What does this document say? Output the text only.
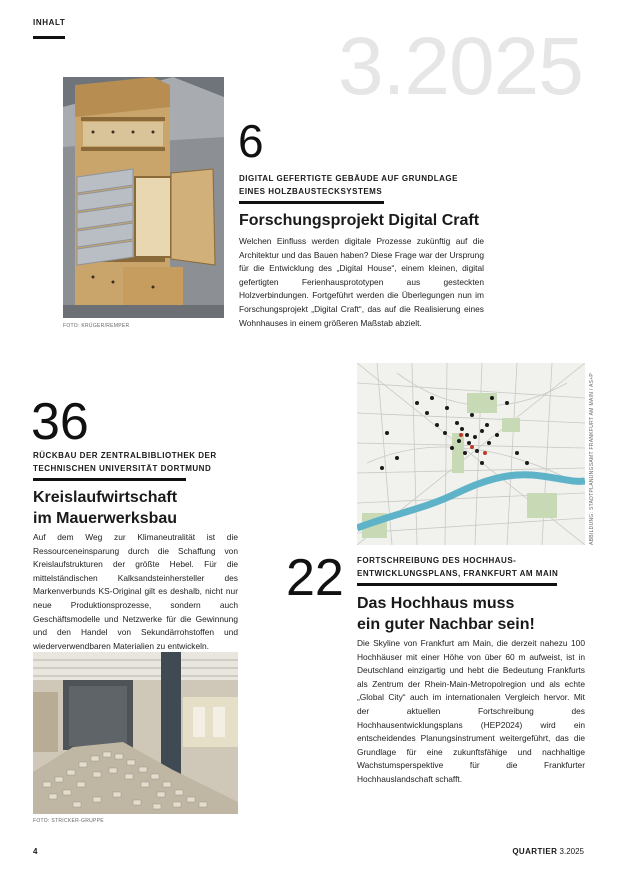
INHALT	3.2025
FOTO: KRÜGER/REMPER
6
DIGITAL GEFERTIGTE GEBÄUDE AUF GRUNDLAGE
EINES HOLZBAUSTECKSYSTEMS
Forschungsprojekt Digital Craft
Welchen Einfluss werden digitale Prozesse zukünftig auf die Architektur und das Bauen haben? Diese Frage war der Ursprung für die Entwicklung des „Digital House“, einem kleinen, digital gefertigten Ferienhausprototypen aus gesteckten Holzverbindungen. Fortgeführt werden die Überlegungen nun im Forschungsprojekt „Digital Craft“, das auf die Realisierung eines Wohnhauses in einem größeren Maßstab abzielt.
36
RÜCKBAU DER ZENTRALBIBLIOTHEK DER
TECHNISCHEN UNIVERSITÄT DORTMUND
Kreislaufwirtschaft
im Mauerwerksbau
Auf dem Weg zur Klimaneutralität ist die Ressourceneinsparung durch die Schaffung von Kreislaufstrukturen der größte Hebel. Für die mittelständischen Kalksandsteinhersteller des Markenverbunds KS-Original gilt es deshalb, nicht nur neue Produktionsprozesse, sondern auch Geschäftsmodelle und Netzwerke für die Gewinnung und den Handel von Sekundärrohstoffen und wiederverwendbaren Materialien zu entwickeln.
FOTO: STRICKER-GRUPPE
ABBILDUNG: STADTPLANUNGSAMT FRANKFURT AM MAIN / AS+P
22 FORTSCHREIBUNG DES HOCHHAUS-
ENTWICKLUNGSPLANS, FRANKFURT AM MAIN
Das Hochhaus muss
ein guter Nachbar sein!
Die Skyline von Frankfurt am Main, die derzeit nahezu 100 Hochhäuser mit einer Höhe von über 60 m aufweist, ist in Deutschland einzigartig und hebt die Bedeutung Frankfurts als Zentrum der Rhein-Main-Metropolregion und als echte „Global City“ auch im internationalen Vergleich hervor. Mit der aktuellen Fortschreibung des Hochhausentwicklungsplans (HEP2024) wird ein entscheidendes Planungsinstrument weitergeführt, das die Grundlage für eine zukunftsfähige und nachhaltige Wachstumsperspektive für die Frankfurter Hochhauslandschaft schafft.
4	QUARTIER 3.2025
